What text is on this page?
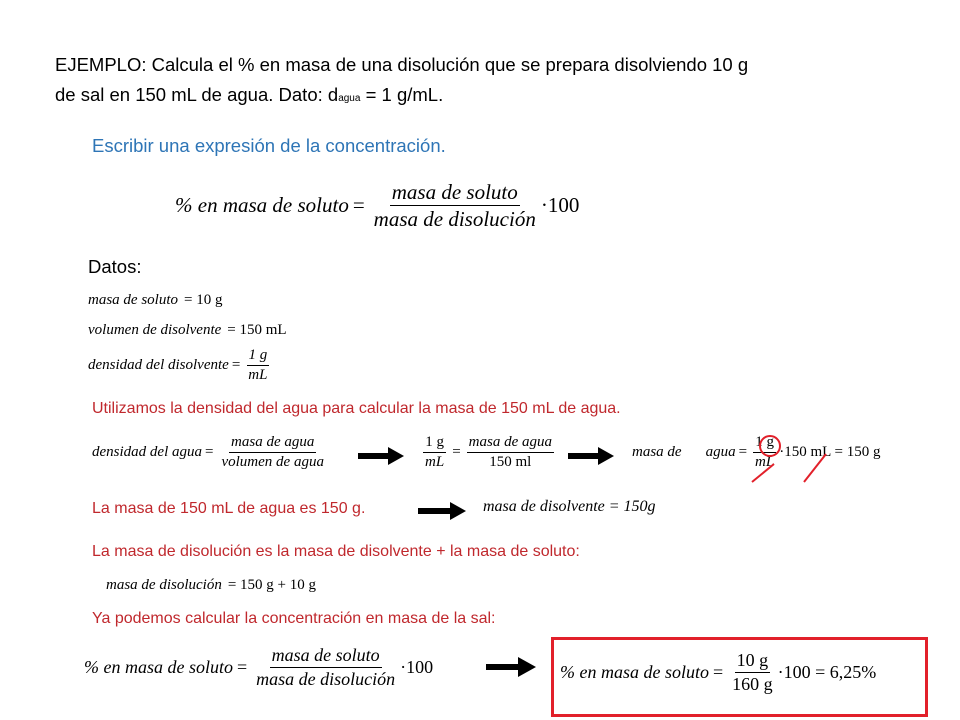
EJEMPLO: Calcula el % en masa de una disolución que se prepara disolviendo 10 g
de sal en 150 mL de agua. Dato: dagua = 1 g/mL.
Escribir una expresión de la concentración.
% en masa de soluto = $\frac{\text{masa de soluto}}{\text{masa de disolución}} \cdot 100$
Datos:
masa de soluto = 10 g
volumen de disolvente = 150 mL
densidad del disolvente = $\frac{1 g}{mL}$
Utilizamos la densidad del agua para calcular la masa de 150 mL de agua.
densidad del agua = $\frac{\text{masa de agua}}{\text{volumen de agua}}$	$\frac{1 g}{mL} = \frac{\text{masa de agua}}{150 ml}$	masa de agua = $\frac{1 g}{mL} \cdot 150$ mL = 150 g
La masa de 150 mL de agua es 150 g.	masa de disolvente = 150g
La masa de disolución es la masa de disolvente + la masa de soluto:
masa de disolución = 150 g + 10 g
Ya podemos calcular la concentración en masa de la sal:
% en masa de soluto = $\frac{\text{masa de soluto}}{\text{masa de disolución}} \cdot 100$	% en masa de soluto = $\frac{10 g}{160 g} \cdot 100 = 6,25\%$
